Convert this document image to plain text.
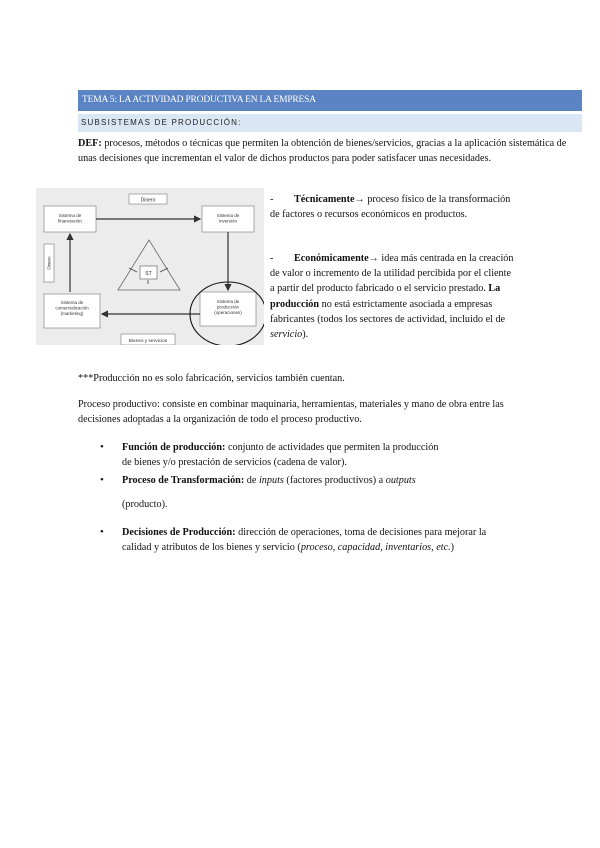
TEMA 5: LA ACTIVIDAD PRODUCTIVA EN LA EMPRESA
SUBSISTEMAS DE PRODUCCIÓN:
DEF: procesos, métodos o técnicas que permiten la obtención de bienes/servicios, gracias a la aplicación sistemática de unas decisiones que incrementan el valor de dichos productos para poder satisfacer unas necesidades.
Dinero
Sistema de financiación
Sistema de inversión
Dinero
ST
Sistema de comercialización (marketing)
Sistema de producción (operaciones)
Bienes y servicios
- Técnicamente→ proceso físico de la transformación de factores o recursos económicos en productos.
- Económicamente→ idea más centrada en la creación de valor o incremento de la utilidad percibida por el cliente a partir del producto fabricado o el servicio prestado. La producción no está estrictamente asociada a empresas fabricantes (todos los sectores de actividad, incluido el de servicio).
***Producción no es solo fabricación, servicios también cuentan.
Proceso productivo: consiste en combinar maquinaria, herramientas, materiales y mano de obra entre las decisiones adoptadas a la organización de todo el proceso productivo.
• Función de producción: conjunto de actividades que permiten la producción de bienes y/o prestación de servicios (cadena de valor).
• Proceso de Transformación: de inputs (factores productivos) a outputs
(producto).
• Decisiones de Producción: dirección de operaciones, toma de decisiones para mejorar la calidad y atributos de los bienes y servicio (proceso, capacidad, inventarios, etc.)
